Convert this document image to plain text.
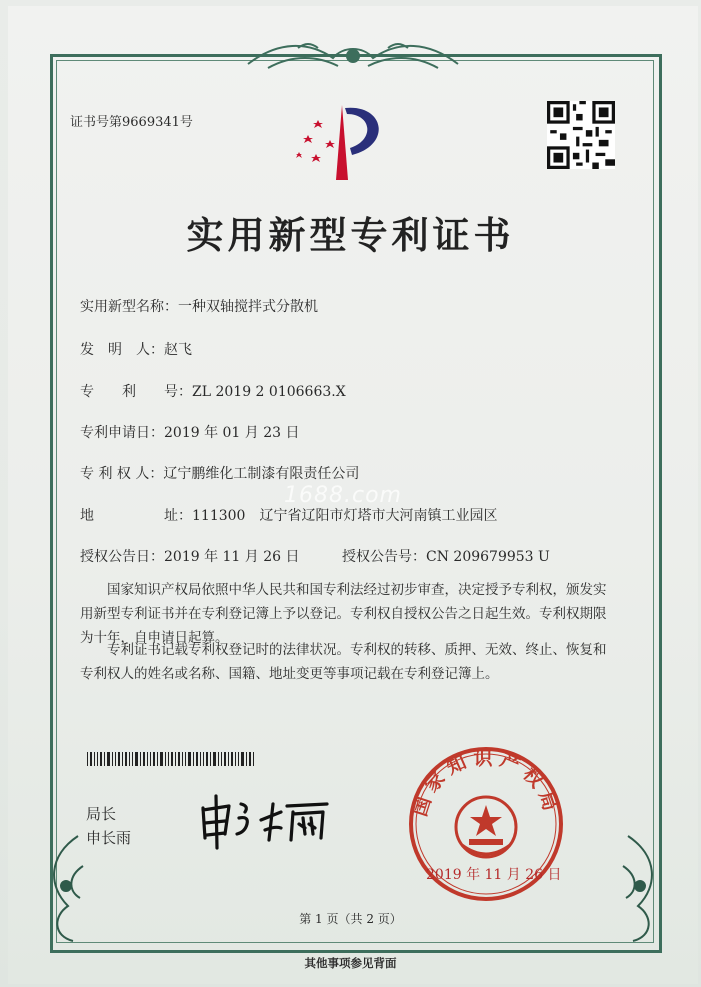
证书号第9669341号
实用新型专利证书
实用新型名称：一种双轴搅拌式分散机
发　明　人：赵飞
专　　利　　号：ZL 2019 2 0106663.X
专利申请日：2019 年 01 月 23 日
专 利 权 人：辽宁鹏维化工制漆有限责任公司
地　　　　　址：111300　辽宁省辽阳市灯塔市大河南镇工业园区
授权公告日：2019 年 11 月 26 日	授权公告号：CN 209679953 U
1688.com
国家知识产权局依照中华人民共和国专利法经过初步审查，决定授予专利权，颁发实用新型专利证书并在专利登记簿上予以登记。专利权自授权公告之日起生效。专利权期限为十年，自申请日起算。
专利证书记载专利权登记时的法律状况。专利权的转移、质押、无效、终止、恢复和专利权人的姓名或名称、国籍、地址变更等事项记载在专利登记簿上。
局长
申长雨
国家知识产权局
2019 年 11 月 26 日
第 1 页（共 2 页）
其他事项参见背面
